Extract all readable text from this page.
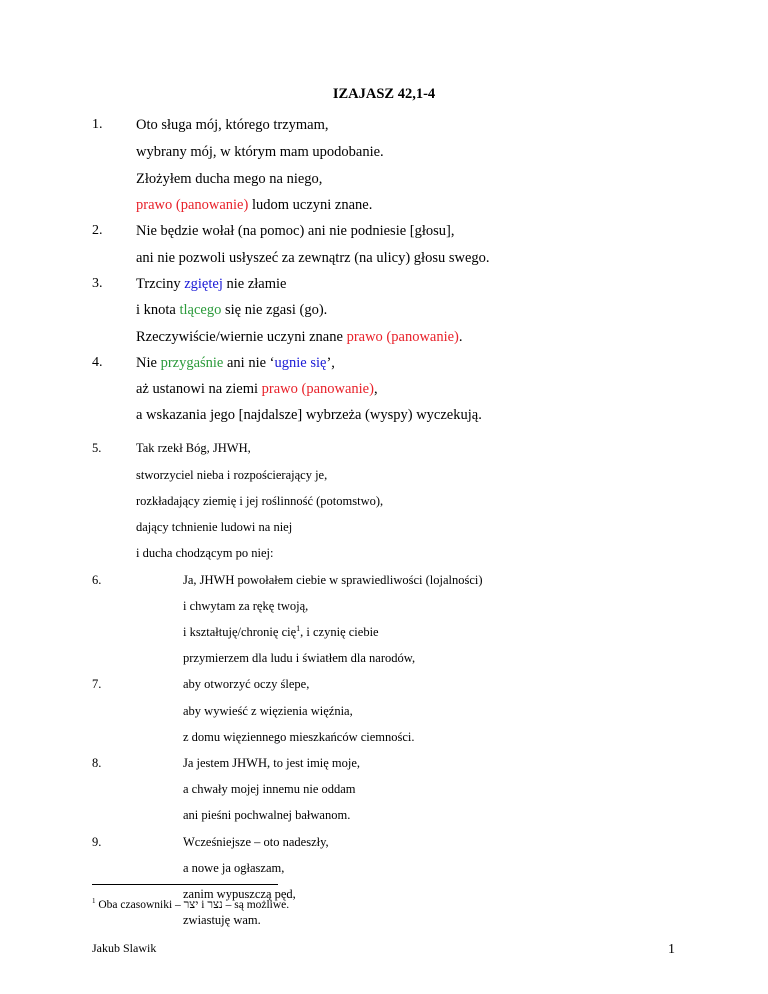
IZAJASZ 42,1-4
1. Oto sługa mój, którego trzymam,
wybrany mój, w którym mam upodobanie.
Złożyłem ducha mego na niego,
prawo (panowanie) ludom uczyni znane.
2. Nie będzie wołał (na pomoc) ani nie podniesie [głosu],
ani nie pozwoli usłyszeć za zewnątrz (na ulicy) głosu swego.
3. Trzciny zgiętej nie złamie
i knota tlącego się nie zgasi (go).
Rzeczywiście/wiernie uczyni znane prawo (panowanie).
4. Nie przygaśnie ani nie ‘ugnie się’,
aż ustanowi na ziemi prawo (panowanie),
a wskazania jego [najdalsze] wybrzeża (wyspy) wyczekują.
5.	Tak rzekł Bóg, JHWH,
stworzyciel nieba i rozpościerający je,
rozkładający ziemię i jej roślinność (potomstwo),
dający tchnienie ludowi na niej
i ducha chodzącym po niej:
6.	Ja, JHWH powołałem ciebie w sprawiedliwości (lojalności)
i chwytam za rękę twoją,
i kształtuję/chronię cię$^1$, i czynię ciebie
przymierzem dla ludu i światłem dla narodów,
7.	aby otworzyć oczy ślepe,
aby wywieść z więzienia więźnia,
z domu więziennego mieszkańców ciemności.
8.	Ja jestem JHWH, to jest imię moje,
a chwały mojej innemu nie oddam
ani pieśni pochwalnej bałwanom.
9.	Wcześniejsze – oto nadeszły,
a nowe ja ogłaszam,
zanim wypuszczą pęd,
zwiastuję wam.
$^1$ Oba czasowniki – יצר i נצר – są możliwe.
Jakub Slawik	1
